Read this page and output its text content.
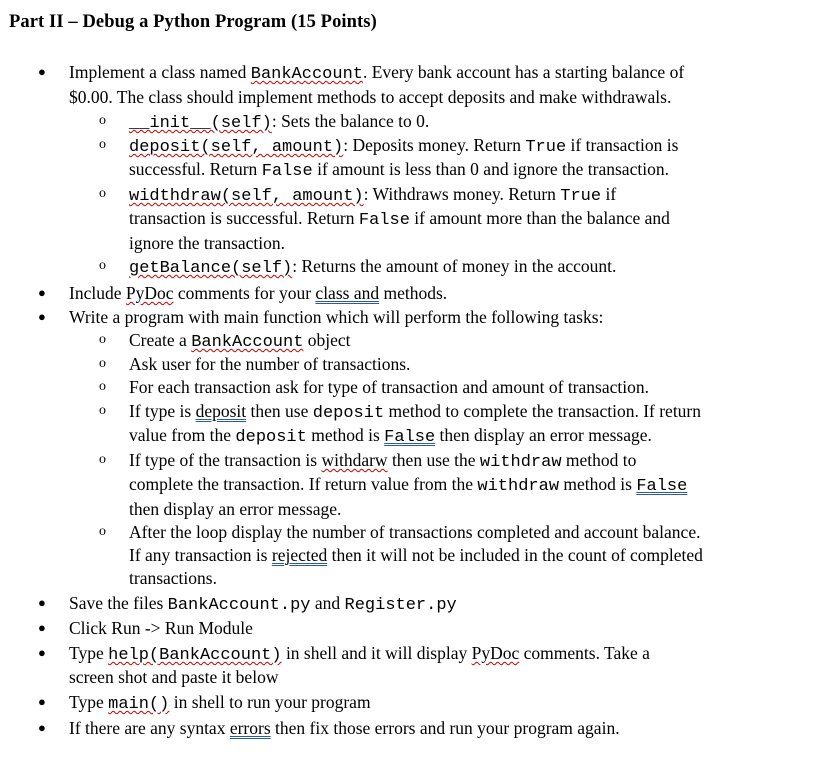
Part II – Debug a Python Program (15 Points)
● Implement a class named BankAccount. Every bank account has a starting balance of
$0.00. The class should implement methods to accept deposits and make withdrawals.
o __init__(self): Sets the balance to 0.
o deposit(self, amount): Deposits money. Return True if transaction is
successful. Return False if amount is less than 0 and ignore the transaction.
o widthdraw(self, amount): Withdraws money. Return True if
transaction is successful. Return False if amount more than the balance and
ignore the transaction.
o getBalance(self): Returns the amount of money in the account.
● Include PyDoc comments for your class and methods.
● Write a program with main function which will perform the following tasks:
o Create a BankAccount object
o Ask user for the number of transactions.
o For each transaction ask for type of transaction and amount of transaction.
o If type is deposit then use deposit method to complete the transaction. If return
value from the deposit method is False then display an error message.
o If type of the transaction is withdarw then use the withdraw method to
complete the transaction. If return value from the withdraw method is False
then display an error message.
o After the loop display the number of transactions completed and account balance.
If any transaction is rejected then it will not be included in the count of completed
transactions.
● Save the files BankAccount.py and Register.py
● Click Run -> Run Module
● Type help(BankAccount) in shell and it will display PyDoc comments. Take a
screen shot and paste it below
● Type main() in shell to run your program
● If there are any syntax errors then fix those errors and run your program again.
